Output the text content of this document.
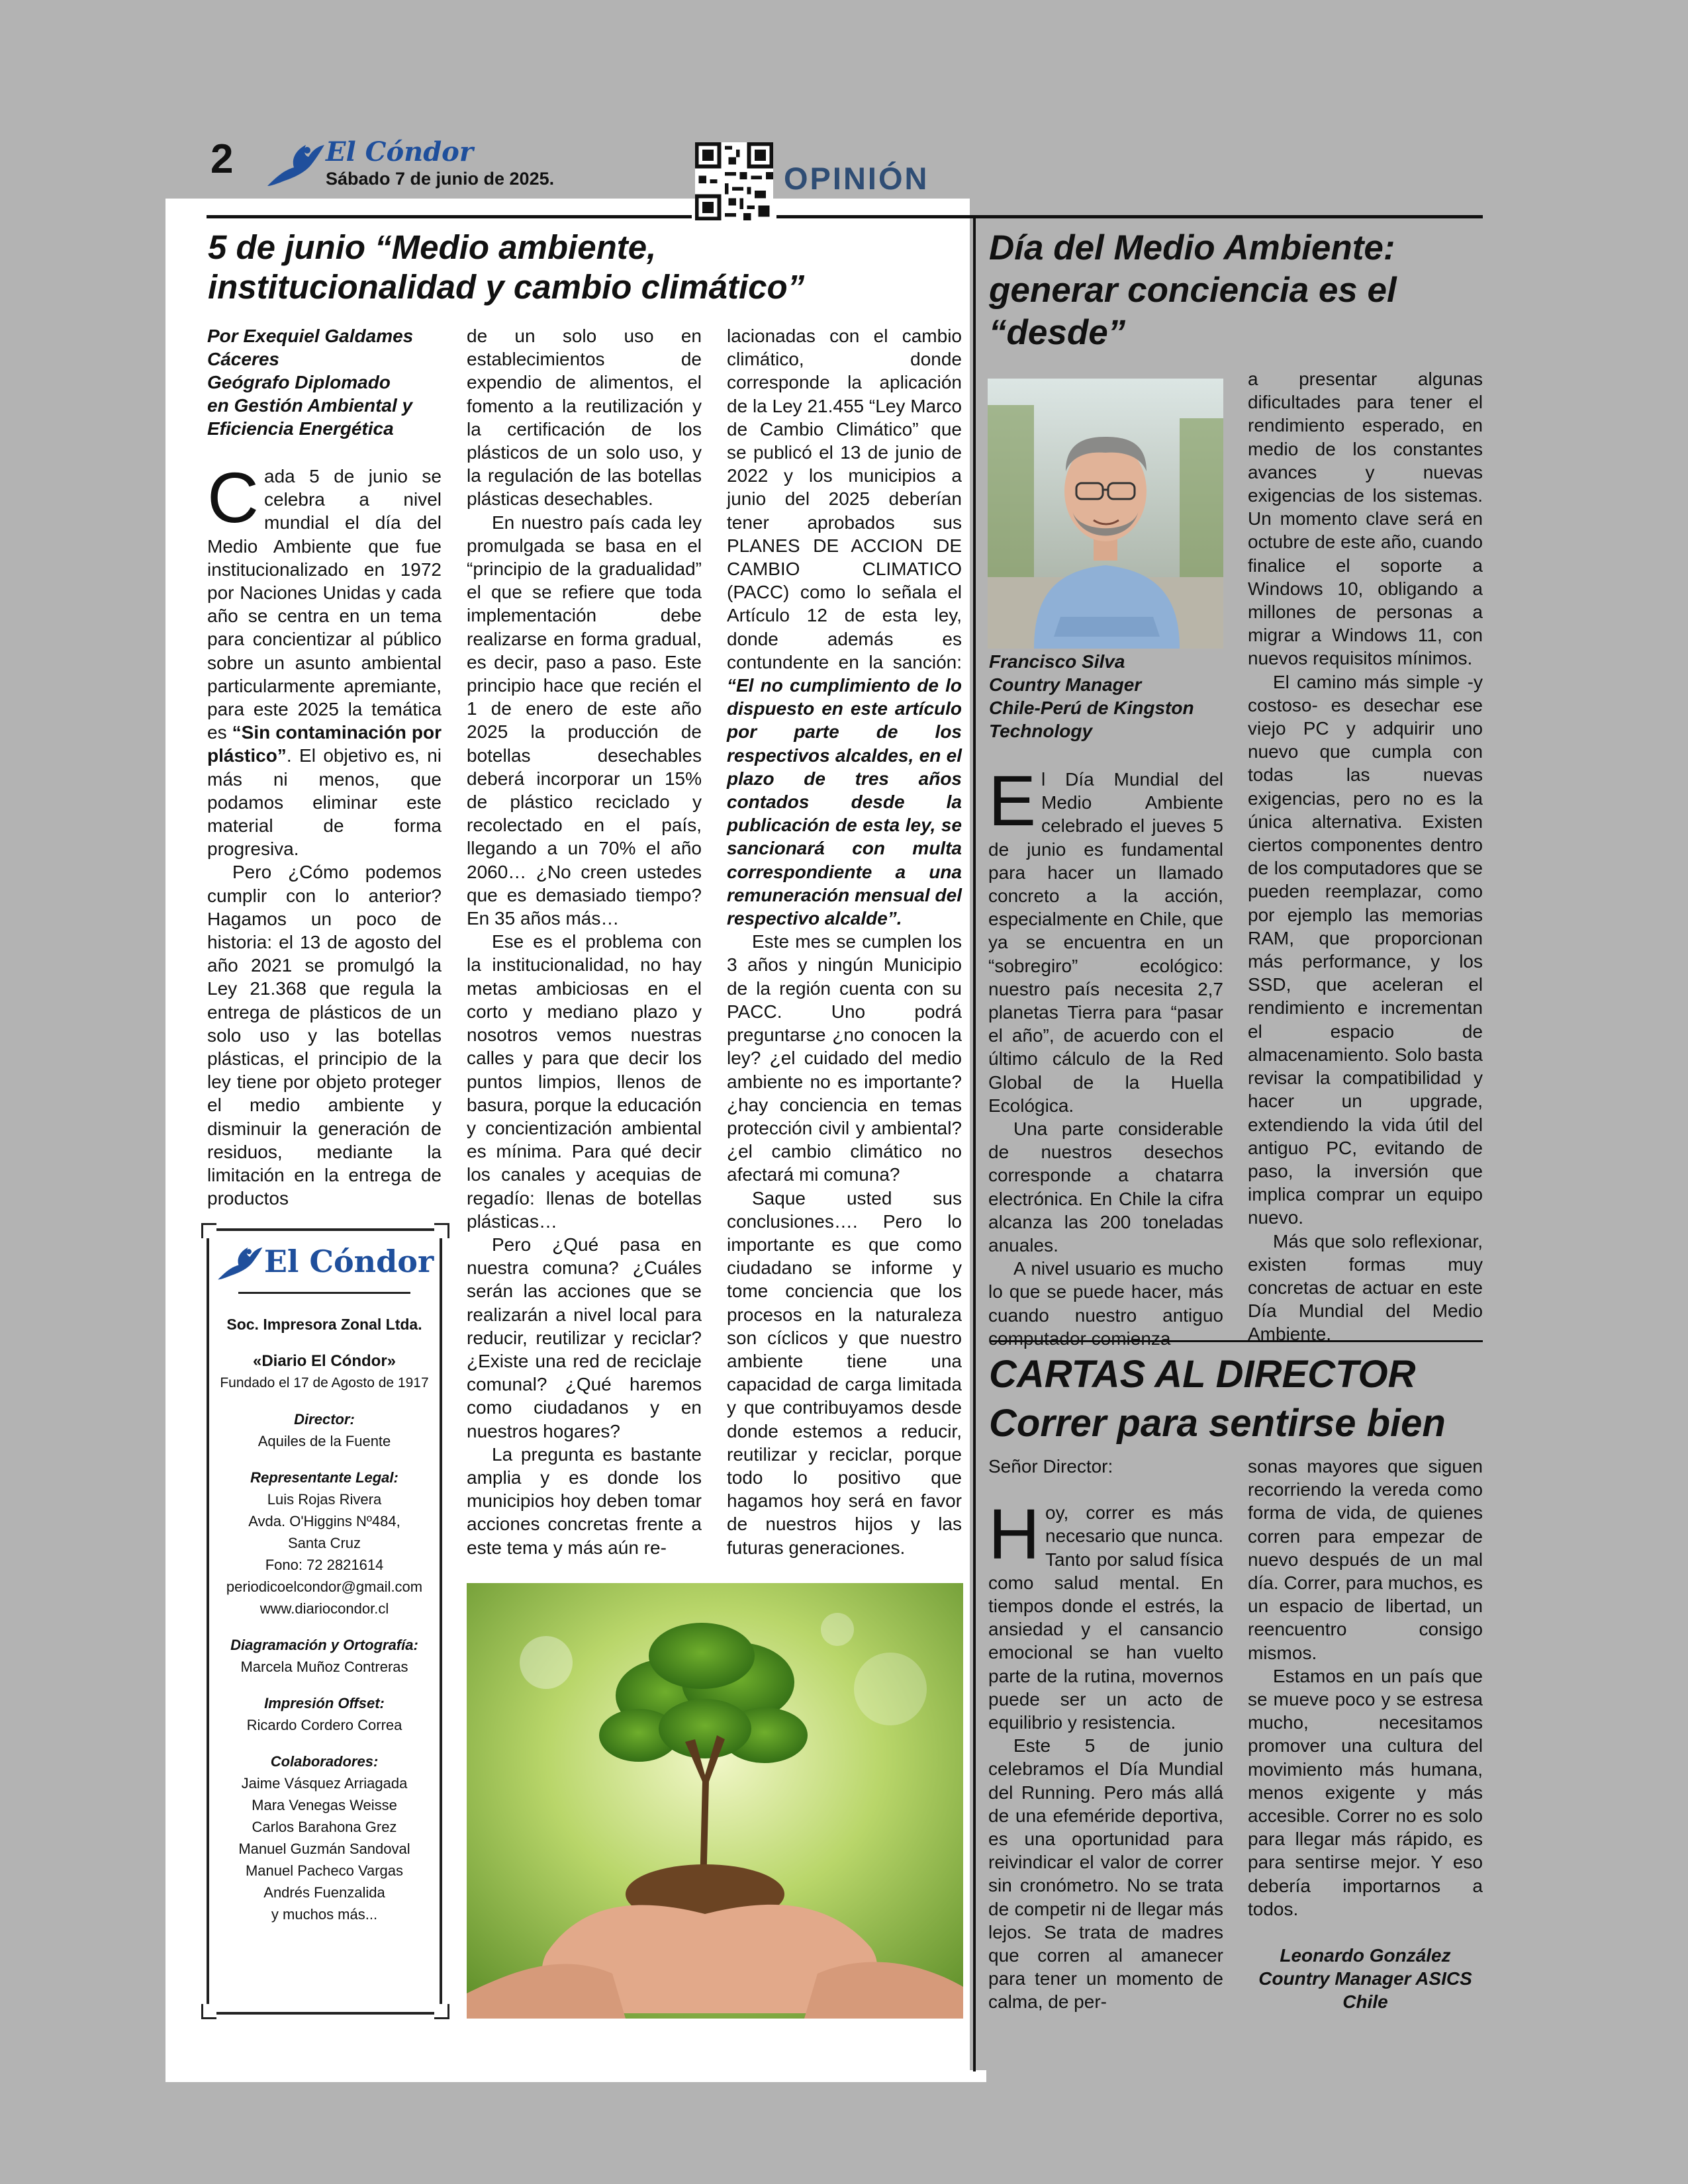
2	El Cóndor
Sábado 7 de junio de 2025.	OPINIÓN
5 de junio “Medio ambiente,
institucionalidad y cambio climático”
Por Exequiel Galdames
Cáceres
Geógrafo Diplomado
en Gestión Ambiental y
Eficiencia Energética

Cada 5 de junio se celebra a nivel mundial el día del Medio Ambiente que fue institucionalizado en 1972 por Naciones Unidas y cada año se centra en un tema para concientizar al público sobre un asunto ambiental particularmente apremiante, para este 2025 la temática es “Sin contaminación por plástico”. El objetivo es, ni más ni menos, que podamos eliminar este material de forma progresiva.

Pero ¿Cómo podemos cumplir con lo anterior? Hagamos un poco de historia: el 13 de agosto del año 2021 se promulgó la Ley 21.368 que regula la entrega de plásticos de un solo uso y las botellas plásticas, el principio de la ley tiene por objeto proteger el medio ambiente y disminuir la generación de residuos, mediante la limitación en la entrega de productos

El Cóndor
Soc. Impresora Zonal Ltda.
«Diario El Cóndor»
Fundado el 17 de Agosto de 1917
Director:
Aquiles de la Fuente
Representante Legal:
Luis Rojas Rivera
Avda. O'Higgins Nº484,
Santa Cruz
Fono: 72 2821614
periodicoelcondor@gmail.com
www.diariocondor.cl
Diagramación y Ortografía:
Marcela Muñoz Contreras
Impresión Offset:
Ricardo Cordero Correa
Colaboradores:
Jaime Vásquez Arriagada
Mara Venegas Weisse
Carlos Barahona Grez
Manuel Guzmán Sandoval
Manuel Pacheco Vargas
Andrés Fuenzalida
y muchos más...

de un solo uso en establecimientos de expendio de alimentos, el fomento a la reutilización y la certificación de los plásticos de un solo uso, y la regulación de las botellas plásticas desechables.

En nuestro país cada ley promulgada se basa en el “principio de la gradualidad” el que se refiere que toda implementación debe realizarse en forma gradual, es decir, paso a paso. Este principio hace que recién el 1 de enero de este año 2025 la producción de botellas desechables deberá incorporar un 15% de plástico reciclado y recolectado en el país, llegando a un 70% el año 2060… ¿No creen ustedes que es demasiado tiempo? En 35 años más…

Ese es el problema con la institucionalidad, no hay metas ambiciosas en el corto y mediano plazo y nosotros vemos nuestras calles y para que decir los puntos limpios, llenos de basura, porque la educación y concientización ambiental es mínima. Para qué decir los canales y acequias de regadío: llenas de botellas plásticas…

Pero ¿Qué pasa en nuestra comuna? ¿Cuáles serán las acciones que se realizarán a nivel local para reducir, reutilizar y reciclar? ¿Existe una red de reciclaje comunal? ¿Qué haremos como ciudadanos y en nuestros hogares?

La pregunta es bastante amplia y es donde los municipios hoy deben tomar acciones concretas frente a este tema y más aún re-

lacionadas con el cambio climático, donde corresponde la aplicación de la Ley 21.455 “Ley Marco de Cambio Climático” que se publicó el 13 de junio de 2022 y los municipios a junio del 2025 deberían tener aprobados sus PLANES DE ACCION DE CAMBIO CLIMATICO (PACC) como lo señala el Artículo 12 de esta ley, donde además es contundente en la sanción: “El no cumplimiento de lo dispuesto en este artículo por parte de los respectivos alcaldes, en el plazo de tres años contados desde la publicación de esta ley, se sancionará con multa correspondiente a una remuneración mensual del respectivo alcalde”.

Este mes se cumplen los 3 años y ningún Municipio de la región cuenta con su PACC. Uno podrá preguntarse ¿no conocen la ley? ¿el cuidado del medio ambiente no es importante? ¿hay conciencia en temas protección civil y ambiental? ¿el cambio climático no afectará mi comuna?

Saque usted sus conclusiones…. Pero lo importante es que como ciudadano se informe y tome conciencia que los procesos en la naturaleza son cíclicos y que nuestro ambiente tiene una capacidad de carga limitada y que contribuyamos desde donde estemos a reducir, reutilizar y reciclar, porque todo lo positivo que hagamos hoy será en favor de nuestros hijos y las futuras generaciones.

Día del Medio Ambiente:
generar conciencia es el
“desde”
Francisco Silva
Country Manager
Chile-Perú de Kingston
Technology

El Día Mundial del Medio Ambiente celebrado el jueves 5 de junio es fundamental para hacer un llamado concreto a la acción, especialmente en Chile, que ya se encuentra en un “sobregiro” ecológico: nuestro país necesita 2,7 planetas Tierra para “pasar el año”, de acuerdo con el último cálculo de la Red Global de la Huella Ecológica.

Una parte considerable de nuestros desechos corresponde a chatarra electrónica. En Chile la cifra alcanza las 200 toneladas anuales.

A nivel usuario es mucho lo que se puede hacer, más cuando nuestro antiguo computador comienza

a presentar algunas dificultades para tener el rendimiento esperado, en medio de los constantes avances y nuevas exigencias de los sistemas. Un momento clave será en octubre de este año, cuando finalice el soporte a Windows 10, obligando a millones de personas a migrar a Windows 11, con nuevos requisitos mínimos.

El camino más simple -y costoso- es desechar ese viejo PC y adquirir uno nuevo que cumpla con todas las nuevas exigencias, pero no es la única alternativa. Existen ciertos componentes dentro de los computadores que se pueden reemplazar, como por ejemplo las memorias RAM, que proporcionan más performance, y los SSD, que aceleran el rendimiento e incrementan el espacio de almacenamiento. Solo basta revisar la compatibilidad y hacer un upgrade, extendiendo la vida útil del antiguo PC, evitando de paso, la inversión que implica comprar un equipo nuevo.

Más que solo reflexionar, existen formas muy concretas de actuar en este Día Mundial del Medio Ambiente.

CARTAS AL DIRECTOR
Correr para sentirse bien

Señor Director:

Hoy, correr es más necesario que nunca. Tanto por salud física como salud mental. En tiempos donde el estrés, la ansiedad y el cansancio emocional se han vuelto parte de la rutina, movernos puede ser un acto de equilibrio y resistencia.

Este 5 de junio celebramos el Día Mundial del Running. Pero más allá de una efeméride deportiva, es una oportunidad para reivindicar el valor de correr sin cronómetro. No se trata de competir ni de llegar más lejos. Se trata de madres que corren al amanecer para tener un momento de calma, de per-

sonas mayores que siguen recorriendo la vereda como forma de vida, de quienes corren para empezar de nuevo después de un mal día. Correr, para muchos, es un espacio de libertad, un reencuentro consigo mismos.

Estamos en un país que se mueve poco y se estresa mucho, necesitamos promover una cultura del movimiento más humana, menos exigente y más accesible. Correr no es solo para llegar más rápido, es para sentirse mejor. Y eso debería importarnos a todos.

Leonardo González
Country Manager ASICS
Chile
